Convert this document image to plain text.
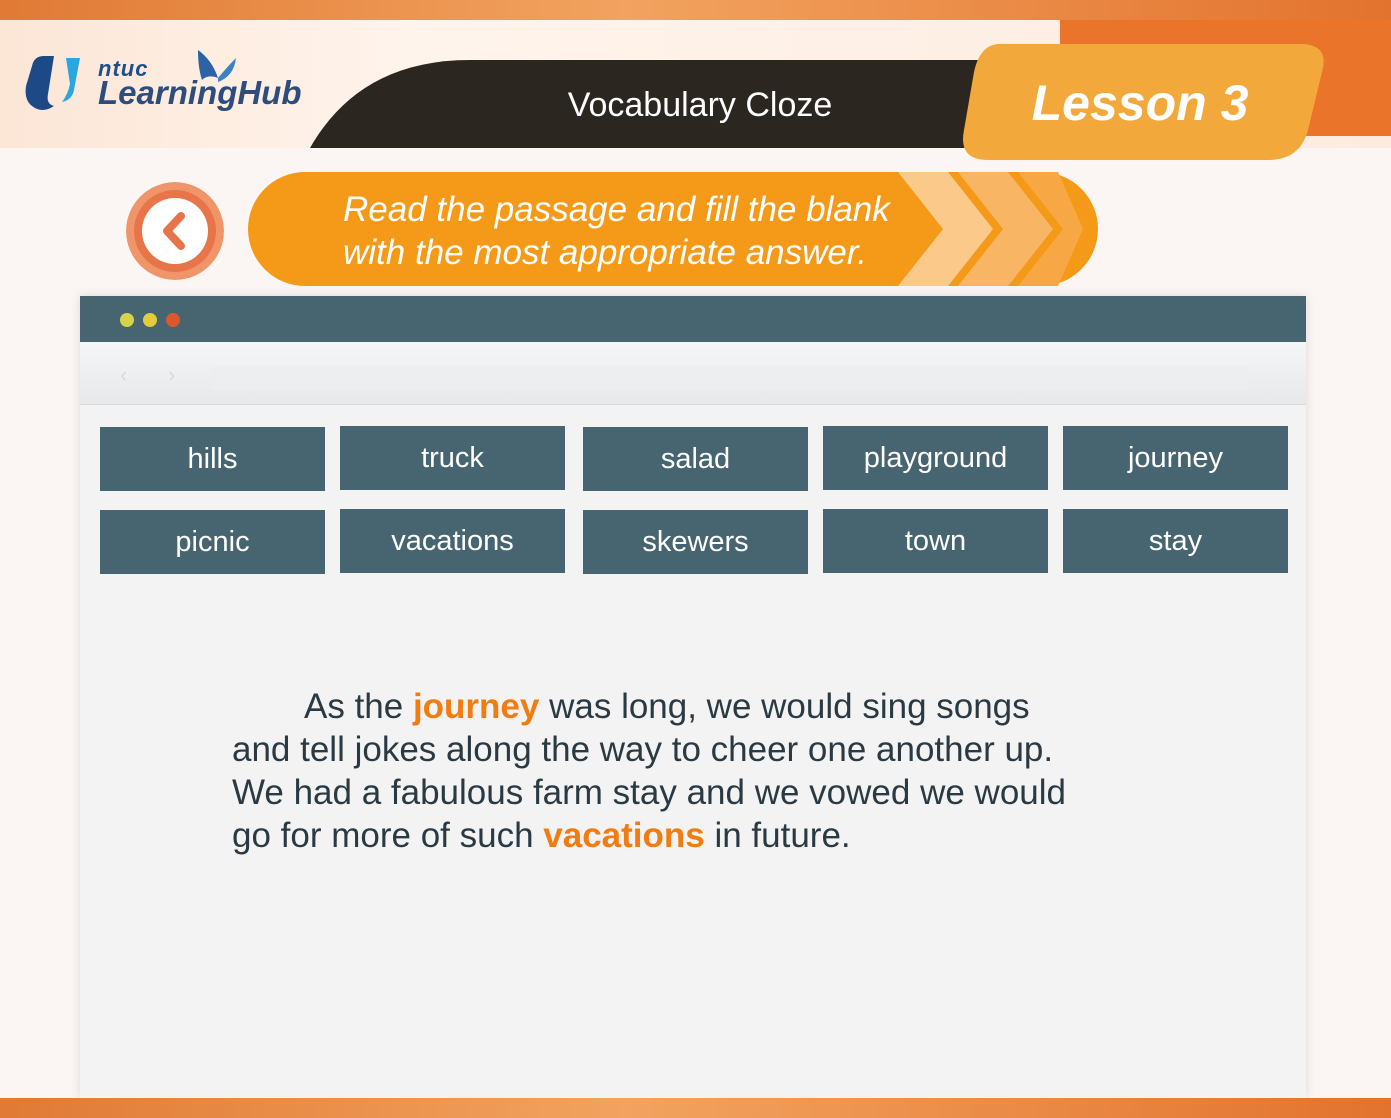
ntuc
LearningHub	Vocabulary Cloze	Lesson 3
Read the passage and fill the blank
with the most appropriate answer.
‹ ›
hills	truck	salad	playground	journey
picnic	vacations	skewers	town	stay
As the journey was long, we would sing songs
and tell jokes along the way to cheer one another up.
We had a fabulous farm stay and we vowed we would
go for more of such vacations in future.
